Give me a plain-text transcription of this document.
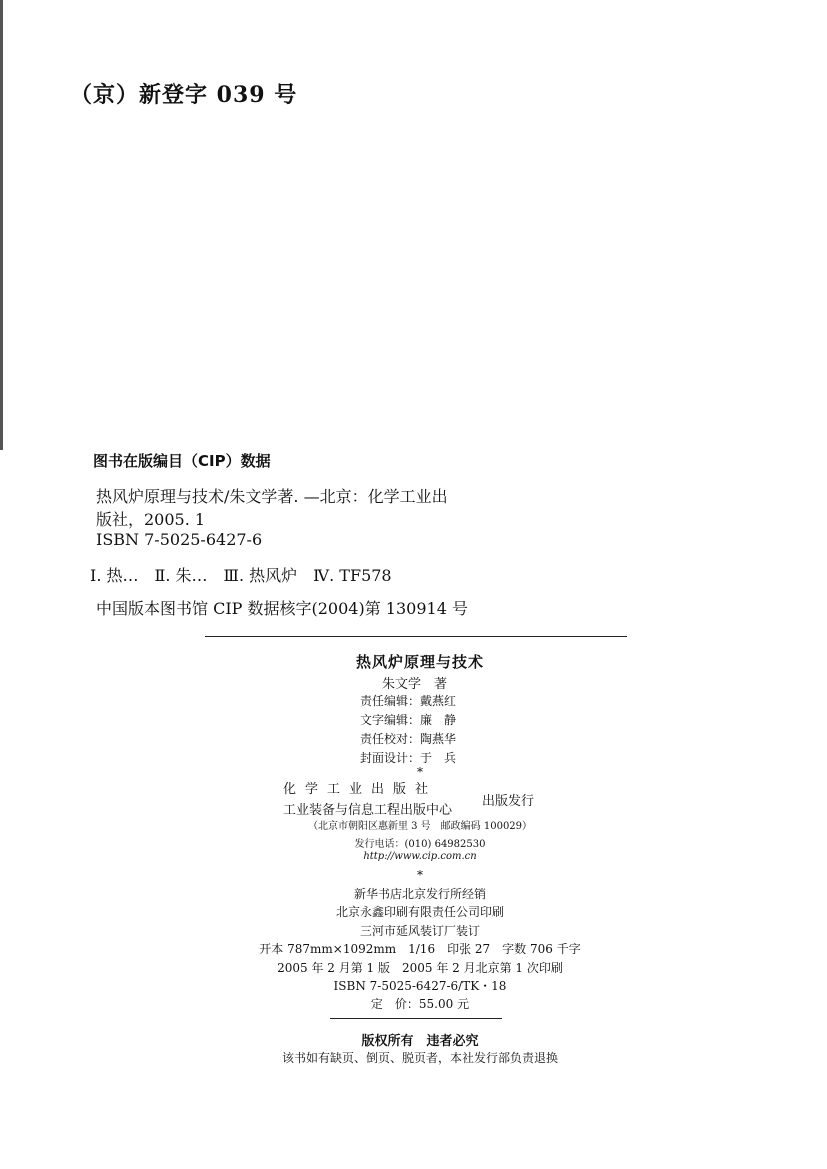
（京）新登字 039 号
图书在版编目（CIP）数据
热风炉原理与技术/朱文学著. —北京：化学工业出
版社，2005. 1
ISBN 7-5025-6427-6
Ⅰ. 热…　Ⅱ. 朱…　Ⅲ. 热风炉　Ⅳ. TF578
中国版本图书馆 CIP 数据核字(2004)第 130914 号
热风炉原理与技术
朱文学　著
责任编辑：戴燕红
文字编辑：廉　静
责任校对：陶燕华
封面设计：于　兵
*
化学工业出版社
工业装备与信息工程出版中心
出版发行
（北京市朝阳区惠新里 3 号　邮政编码 100029）
发行电话：(010) 64982530
http://www.cip.com.cn
*
新华书店北京发行所经销
北京永鑫印刷有限责任公司印刷
三河市延风装订厂装订
开本 787mm×1092mm　1/16　印张 27　字数 706 千字
2005 年 2 月第 1 版　2005 年 2 月北京第 1 次印刷
ISBN 7-5025-6427-6/TK・18
定　价：55.00 元
版权所有　违者必究
该书如有缺页、倒页、脱页者，本社发行部负责退换
